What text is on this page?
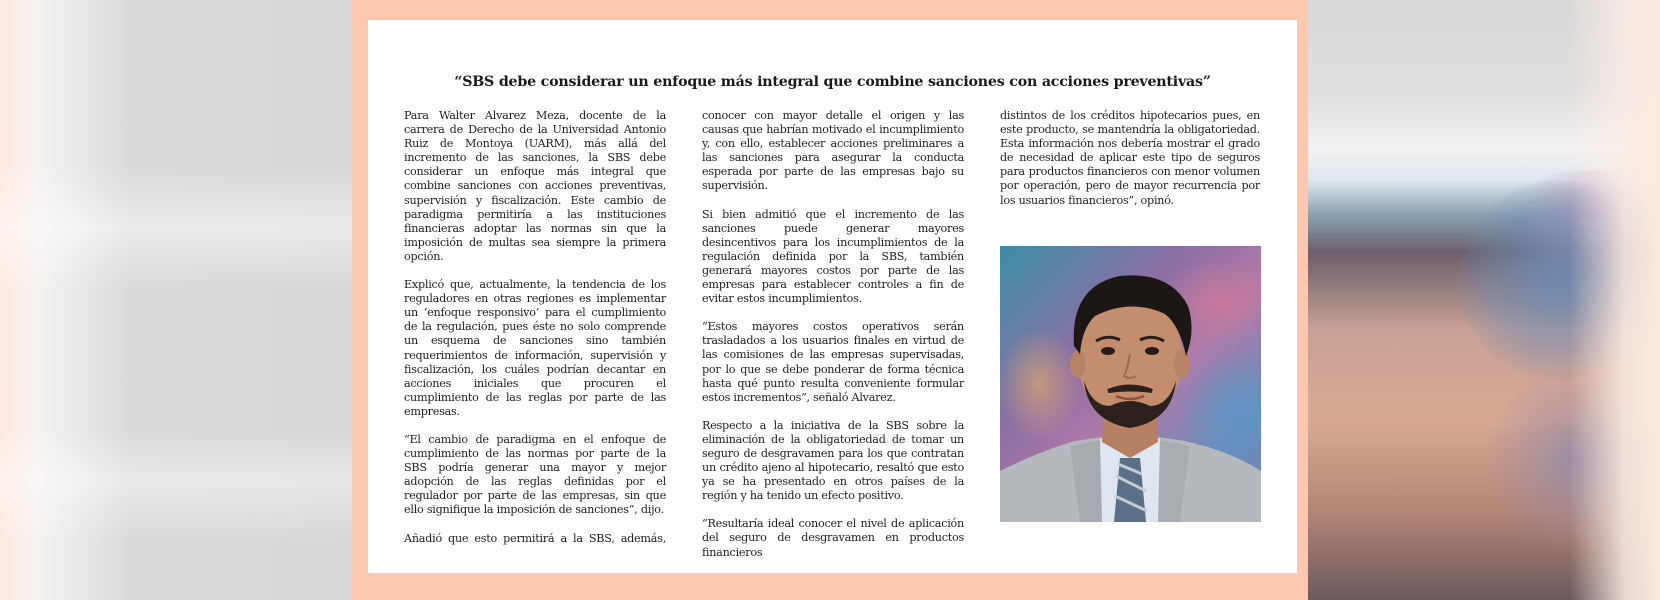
“SBS debe considerar un enfoque más integral que combine sanciones con acciones preventivas”

Para Walter Alvarez Meza, docente de la carrera de Derecho de la Universidad Antonio Ruiz de Montoya (UARM), más allá del incremento de las sanciones, la SBS debe considerar un enfoque más integral que combine sanciones con acciones preventivas, supervisión y fiscalización. Este cambio de paradigma permitiría a las instituciones financieras adoptar las normas sin que la imposición de multas sea siempre la primera opción.

Explicó que, actualmente, la tendencia de los reguladores en otras regiones es implementar un ‘enfoque responsivo’ para el cumplimiento de la regulación, pues éste no solo comprende un esquema de sanciones sino también requerimientos de información, supervisión y fiscalización, los cuáles podrían decantar en acciones iniciales que procuren el cumplimiento de las reglas por parte de las empresas.

“El cambio de paradigma en el enfoque de cumplimiento de las normas por parte de la SBS podría generar una mayor y mejor adopción de las reglas definidas por el regulador por parte de las empresas, sin que ello signifique la imposición de sanciones”, dijo.

Añadió que esto permitirá a la SBS, además,

conocer con mayor detalle el origen y las causas que habrían motivado el incumplimiento y, con ello, establecer acciones preliminares a las sanciones para asegurar la conducta esperada por parte de las empresas bajo su supervisión.

Si bien admitió que el incremento de las sanciones puede generar mayores desincentivos para los incumplimientos de la regulación definida por la SBS, también generará mayores costos por parte de las empresas para establecer controles a fin de evitar estos incumplimientos.

“Estos mayores costos operativos serán trasladados a los usuarios finales en virtud de las comisiones de las empresas supervisadas, por lo que se debe ponderar de forma técnica hasta qué punto resulta conveniente formular estos incrementos”, señaló Alvarez.

Respecto a la iniciativa de la SBS sobre la eliminación de la obligatoriedad de tomar un seguro de desgravamen para los que contratan un crédito ajeno al hipotecario, resaltó que esto ya se ha presentado en otros países de la región y ha tenido un efecto positivo.

“Resultaría ideal conocer el nivel de aplicación del seguro de desgravamen en productos financieros

distintos de los créditos hipotecarios pues, en este producto, se mantendría la obligatoriedad. Esta información nos debería mostrar el grado de necesidad de aplicar este tipo de seguros para productos financieros con menor volumen por operación, pero de mayor recurrencia por los usuarios financieros”, opinó.
